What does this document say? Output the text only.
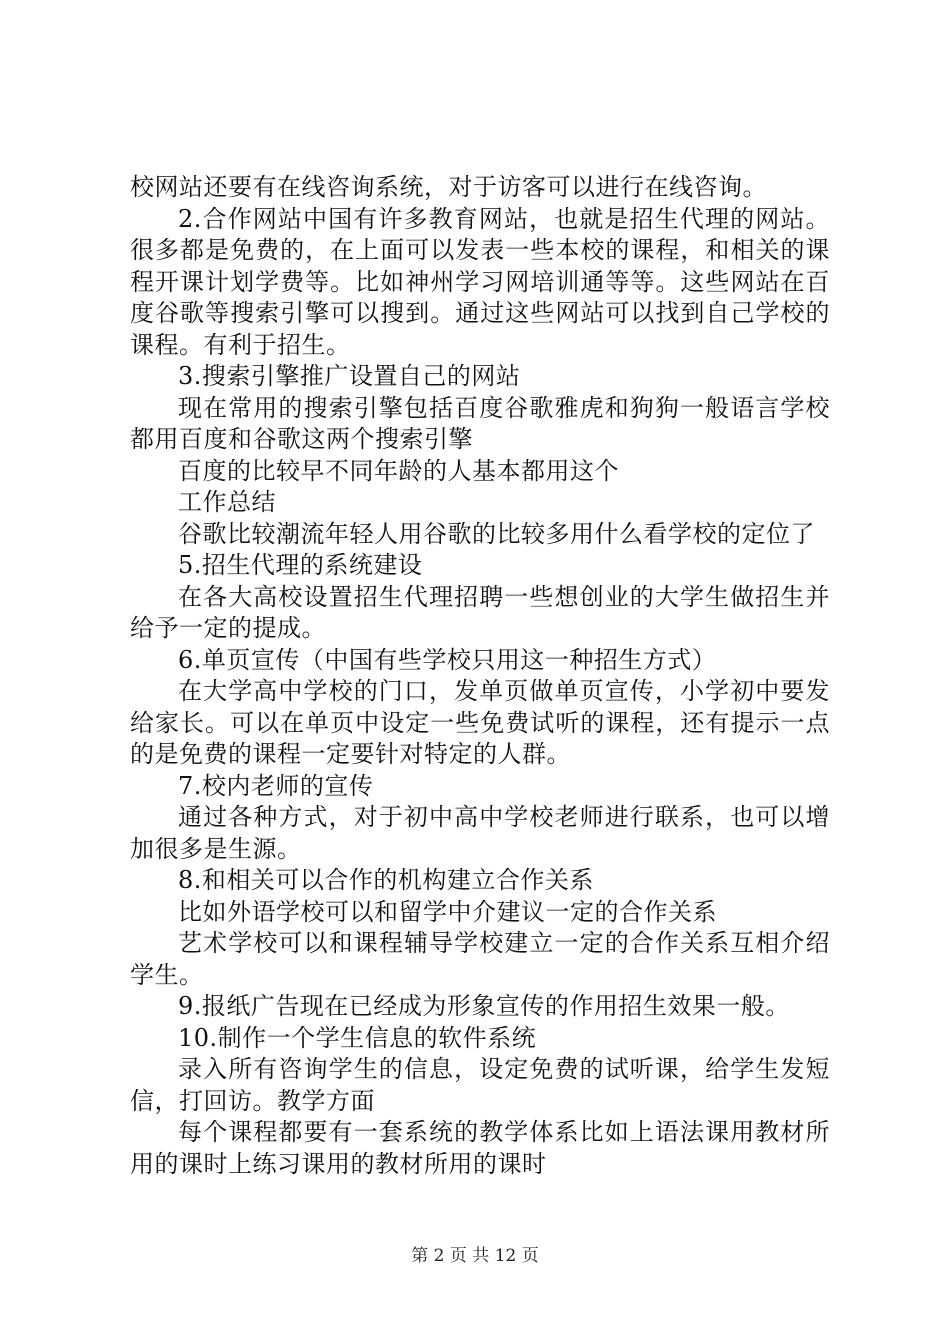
校网站还要有在线咨询系统，对于访客可以进行在线咨询。

2.合作网站中国有许多教育网站，也就是招生代理的网站。很多都是免费的，在上面可以发表一些本校的课程，和相关的课程开课计划学费等。比如神州学习网培训通等等。这些网站在百度谷歌等搜索引擎可以搜到。通过这些网站可以找到自己学校的课程。有利于招生。

3.搜索引擎推广设置自己的网站

现在常用的搜索引擎包括百度谷歌雅虎和狗狗一般语言学校都用百度和谷歌这两个搜索引擎

百度的比较早不同年龄的人基本都用这个

工作总结

谷歌比较潮流年轻人用谷歌的比较多用什么看学校的定位了

5.招生代理的系统建设

在各大高校设置招生代理招聘一些想创业的大学生做招生并给予一定的提成。

6.单页宣传（中国有些学校只用这一种招生方式）

在大学高中学校的门口，发单页做单页宣传，小学初中要发给家长。可以在单页中设定一些免费试听的课程，还有提示一点的是免费的课程一定要针对特定的人群。

7.校内老师的宣传

通过各种方式，对于初中高中学校老师进行联系，也可以增加很多是生源。

8.和相关可以合作的机构建立合作关系

比如外语学校可以和留学中介建议一定的合作关系

艺术学校可以和课程辅导学校建立一定的合作关系互相介绍学生。

9.报纸广告现在已经成为形象宣传的作用招生效果一般。

10.制作一个学生信息的软件系统

录入所有咨询学生的信息，设定免费的试听课，给学生发短信，打回访。教学方面

每个课程都要有一套系统的教学体系比如上语法课用教材所用的课时上练习课用的教材所用的课时

第 2 页 共 12 页
